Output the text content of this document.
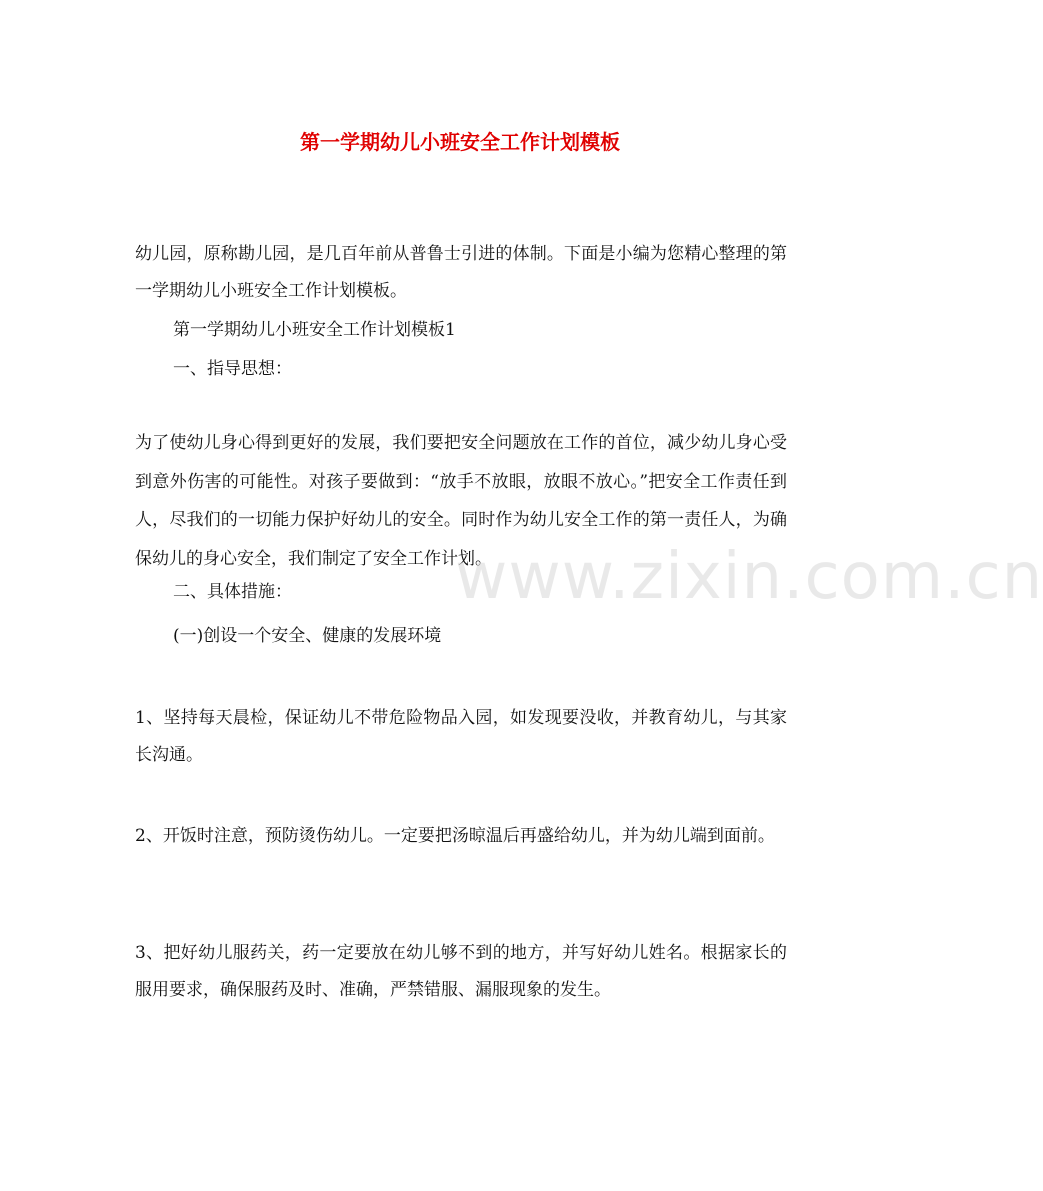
第一学期幼儿小班安全工作计划模板
幼儿园，原称勘儿园，是几百年前从普鲁士引进的体制。下面是小编为您精心整理的第一学期幼儿小班安全工作计划模板。
第一学期幼儿小班安全工作计划模板1
一、指导思想：
为了使幼儿身心得到更好的发展，我们要把安全问题放在工作的首位，减少幼儿身心受到意外伤害的可能性。对孩子要做到：“放手不放眼，放眼不放心。”把安全工作责任到人，尽我们的一切能力保护好幼儿的安全。同时作为幼儿安全工作的第一责任人，为确保幼儿的身心安全，我们制定了安全工作计划。
二、具体措施：
(一)创设一个安全、健康的发展环境
1、坚持每天晨检，保证幼儿不带危险物品入园，如发现要没收，并教育幼儿，与其家长沟通。
2、开饭时注意，预防烫伤幼儿。一定要把汤晾温后再盛给幼儿，并为幼儿端到面前。
3、把好幼儿服药关，药一定要放在幼儿够不到的地方，并写好幼儿姓名。根据家长的服用要求，确保服药及时、准确，严禁错服、漏服现象的发生。
www.zixin.com.cn
